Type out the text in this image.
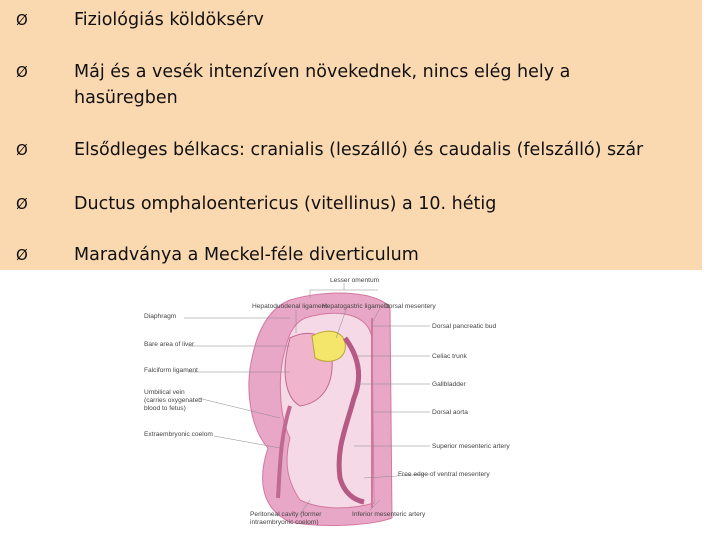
Ø	Fiziológiás köldöksérv
Ø	Máj és a vesék intenzíven növekednek, nincs elég hely a
hasüregben
Ø	Elsődleges bélkacs: cranialis (leszálló) és caudalis (felszálló) szár
Ø	Ductus omphaloentericus (vitellinus) a 10. hétig
Ø	Maradványa a Meckel-féle diverticulum
Lesser omentum
Hepatoduodenal ligament
Hepatogastric ligament
Dorsal mesentery
Diaphragm
Bare area of liver
Falciform ligament
Umbilical vein
(carries oxygenated
blood to fetus)
Extraembryonic coelom
Dorsal pancreatic bud
Celiac trunk
Gallbladder
Dorsal aorta
Superior mesenteric artery
Free edge of ventral mesentery
Peritoneal cavity (former
intraembryonic coelom)
Inferior mesenteric artery
